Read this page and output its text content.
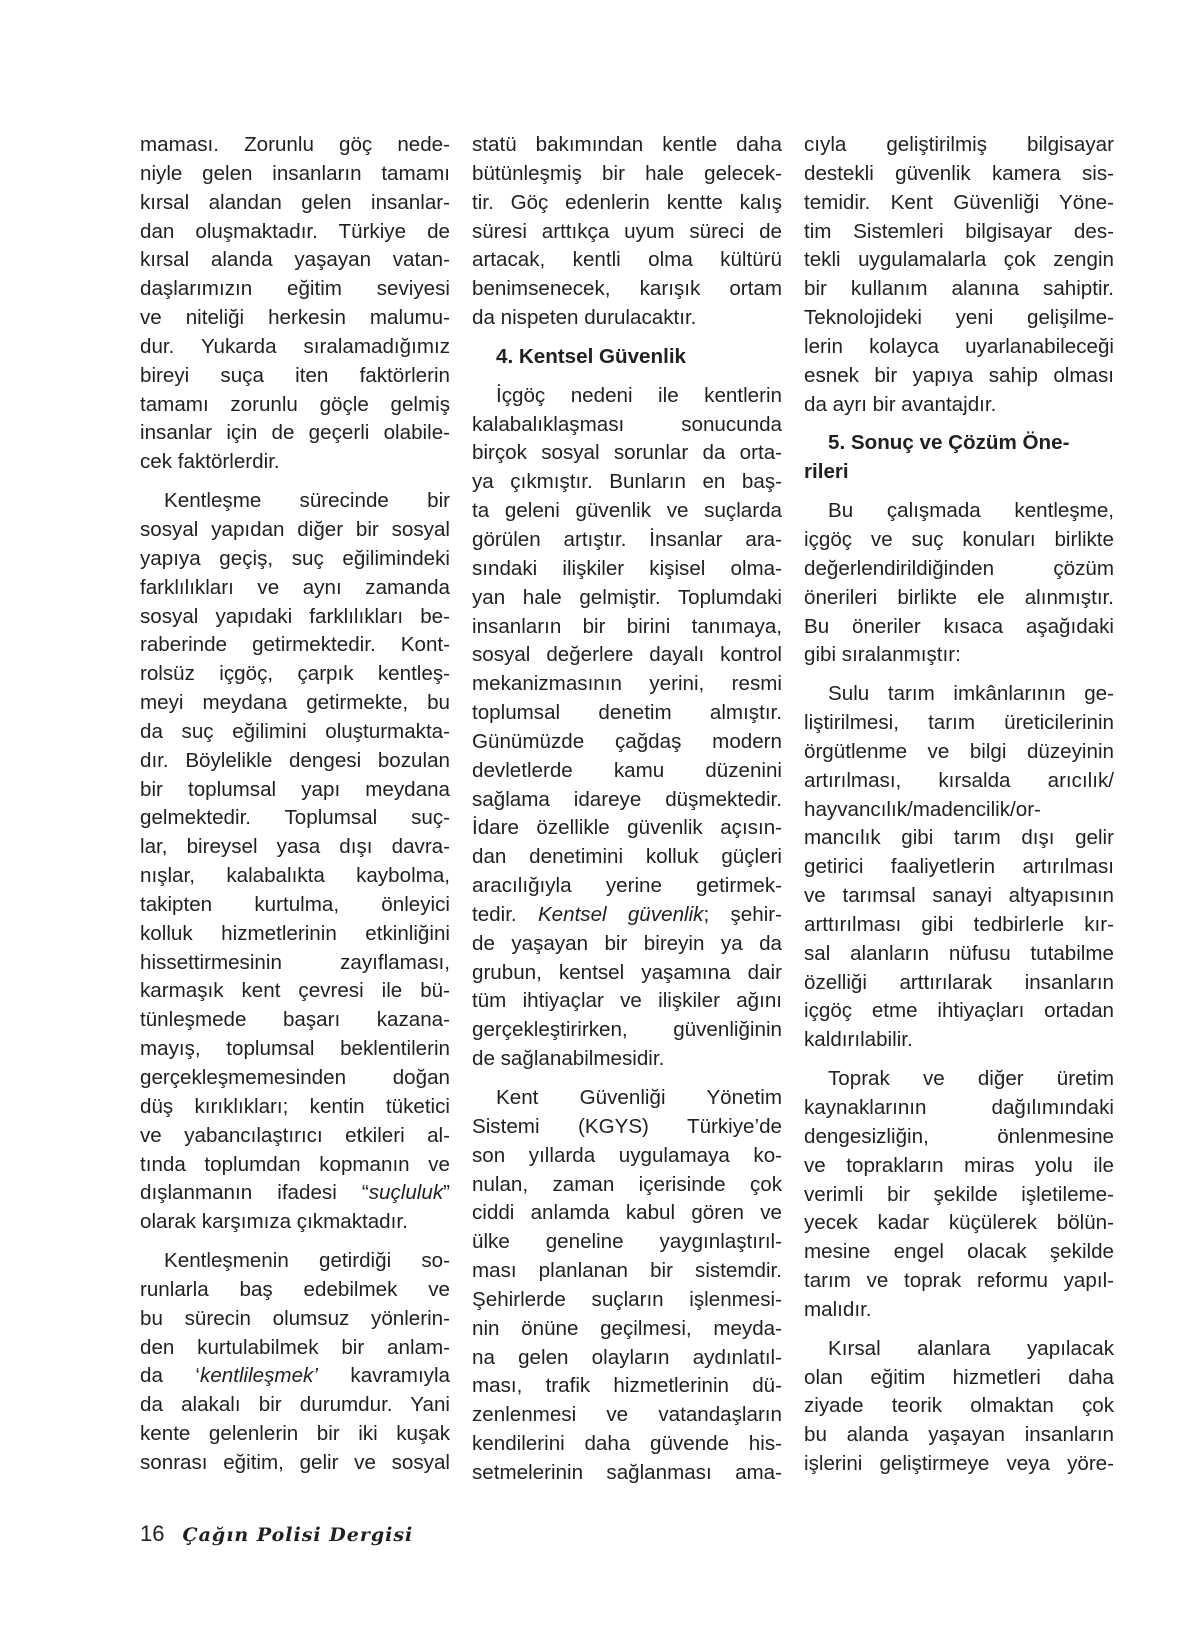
maması. Zorunlu göç nede-
niyle gelen insanların tamamı
kırsal alandan gelen insanlar-
dan oluşmaktadır. Türkiye de
kırsal alanda yaşayan vatan-
daşlarımızın eğitim seviyesi
ve niteliği herkesin malumu-
dur. Yukarda sıralamadığımız
bireyi suça iten faktörlerin
tamamı zorunlu göçle gelmiş
insanlar için de geçerli olabile-
cek faktörlerdir.
Kentleşme sürecinde bir
sosyal yapıdan diğer bir sosyal
yapıya geçiş, suç eğilimindeki
farklılıkları ve aynı zamanda
sosyal yapıdaki farklılıkları be-
raberinde getirmektedir. Kont-
rolsüz içgöç, çarpık kentleş-
meyi meydana getirmekte, bu
da suç eğilimini oluşturmakta-
dır. Böylelikle dengesi bozulan
bir toplumsal yapı meydana
gelmektedir. Toplumsal suç-
lar, bireysel yasa dışı davra-
nışlar, kalabalıkta kaybolma,
takipten kurtulma, önleyici
kolluk hizmetlerinin etkinliğini
hissettirmesinin zayıflaması,
karmaşık kent çevresi ile bü-
tünleşmede başarı kazana-
mayış, toplumsal beklentilerin
gerçekleşmemesinden doğan
düş kırıklıkları; kentin tüketici
ve yabancılaştırıcı etkileri al-
tında toplumdan kopmanın ve
dışlanmanın ifadesi “suçluluk”
olarak karşımıza çıkmaktadır.
Kentleşmenin getirdiği so-
runlarla baş edebilmek ve
bu sürecin olumsuz yönlerin-
den kurtulabilmek bir anlam-
da ‘kentlileşmek’ kavramıyla
da alakalı bir durumdur. Yani
kente gelenlerin bir iki kuşak
sonrası eğitim, gelir ve sosyal
statü bakımından kentle daha
bütünleşmiş bir hale gelecek-
tir. Göç edenlerin kentte kalış
süresi arttıkça uyum süreci de
artacak, kentli olma kültürü
benimsenecek, karışık ortam
da nispeten durulacaktır.
4. Kentsel Güvenlik
İçgöç nedeni ile kentlerin
kalabalıklaşması sonucunda
birçok sosyal sorunlar da orta-
ya çıkmıştır. Bunların en baş-
ta geleni güvenlik ve suçlarda
görülen artıştır. İnsanlar ara-
sındaki ilişkiler kişisel olma-
yan hale gelmiştir. Toplumdaki
insanların bir birini tanımaya,
sosyal değerlere dayalı kontrol
mekanizmasının yerini, resmi
toplumsal denetim almıştır.
Günümüzde çağdaş modern
devletlerde kamu düzenini
sağlama idareye düşmektedir.
İdare özellikle güvenlik açısın-
dan denetimini kolluk güçleri
aracılığıyla yerine getirmek-
tedir. Kentsel güvenlik; şehir-
de yaşayan bir bireyin ya da
grubun, kentsel yaşamına dair
tüm ihtiyaçlar ve ilişkiler ağını
gerçekleştirirken, güvenliğinin
de sağlanabilmesidir.
Kent Güvenliği Yönetim
Sistemi (KGYS) Türkiye’de
son yıllarda uygulamaya ko-
nulan, zaman içerisinde çok
ciddi anlamda kabul gören ve
ülke geneline yaygınlaştırıl-
ması planlanan bir sistemdir.
Şehirlerde suçların işlenmesi-
nin önüne geçilmesi, meyda-
na gelen olayların aydınlatıl-
ması, trafik hizmetlerinin dü-
zenlenmesi ve vatandaşların
kendilerini daha güvende his-
setmelerinin sağlanması ama-
cıyla geliştirilmiş bilgisayar
destekli güvenlik kamera sis-
temidir. Kent Güvenliği Yöne-
tim Sistemleri bilgisayar des-
tekli uygulamalarla çok zengin
bir kullanım alanına sahiptir.
Teknolojideki yeni gelişilme-
lerin kolayca uyarlanabileceği
esnek bir yapıya sahip olması
da ayrı bir avantajdır.
5. Sonuç ve Çözüm Öne-
rileri
Bu çalışmada kentleşme,
içgöç ve suç konuları birlikte
değerlendirildiğinden çözüm
önerileri birlikte ele alınmıştır.
Bu öneriler kısaca aşağıdaki
gibi sıralanmıştır:
Sulu tarım imkânlarının ge-
liştirilmesi, tarım üreticilerinin
örgütlenme ve bilgi düzeyinin
artırılması, kırsalda arıcılık/
hayvancılık/madencilik/or-
mancılık gibi tarım dışı gelir
getirici faaliyetlerin artırılması
ve tarımsal sanayi altyapısının
arttırılması gibi tedbirlerle kır-
sal alanların nüfusu tutabilme
özelliği arttırılarak insanların
içgöç etme ihtiyaçları ortadan
kaldırılabilir.
Toprak ve diğer üretim
kaynaklarının dağılımındaki
dengesizliğin, önlenmesine
ve toprakların miras yolu ile
verimli bir şekilde işletileme-
yecek kadar küçülerek bölün-
mesine engel olacak şekilde
tarım ve toprak reformu yapıl-
malıdır.
Kırsal alanlara yapılacak
olan eğitim hizmetleri daha
ziyade teorik olmaktan çok
bu alanda yaşayan insanların
işlerini geliştirmeye veya yöre-
16 Çağın Polisi Dergisi
